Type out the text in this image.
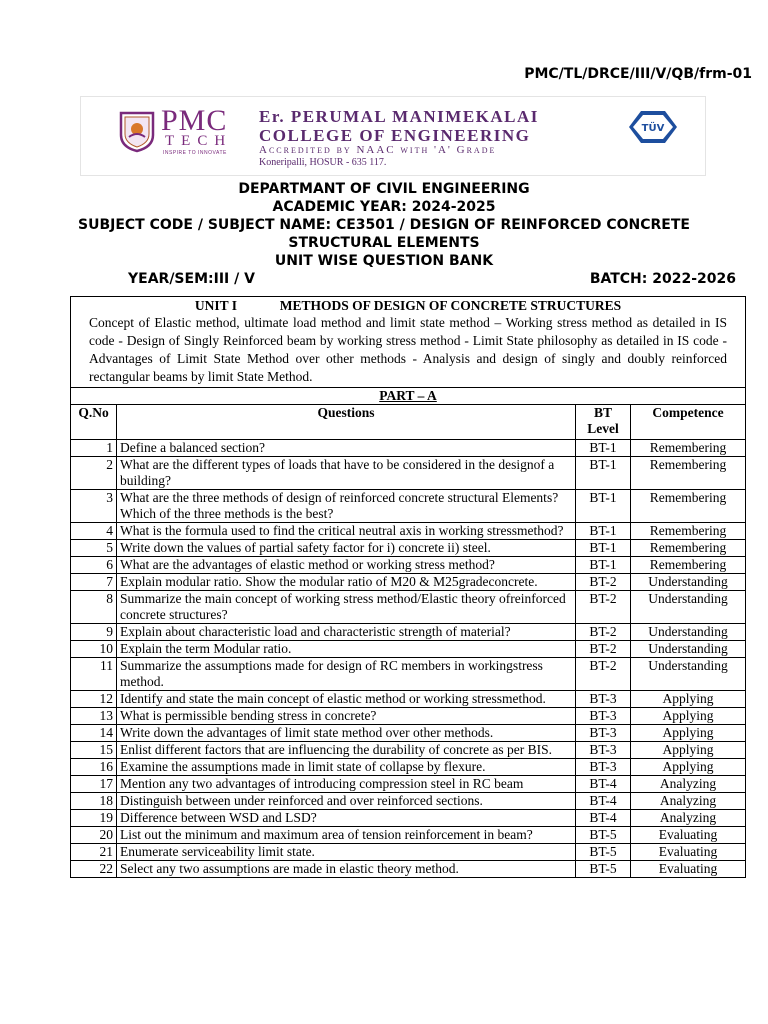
PMC/TL/DRCE/III/V/QB/frm-01
PMC
TECH
INSPIRE TO INNOVATE
Er. PERUMAL MANIMEKALAI
COLLEGE OF ENGINEERING
Accredited by NAAC with 'A' Grade
Koneripalli, HOSUR - 635 117.
TÜV
DEPARTMANT OF CIVIL ENGINEERING
ACADEMIC YEAR: 2024-2025
SUBJECT CODE / SUBJECT NAME: CE3501 / DESIGN OF REINFORCED CONCRETE
STRUCTURAL ELEMENTS
UNIT WISE QUESTION BANK
YEAR/SEM:III / V	BATCH: 2022-2026
UNIT I METHODS OF DESIGN OF CONCRETE STRUCTURES
Concept of Elastic method, ultimate load method and limit state method – Working stress method as detailed in IS code - Design of Singly Reinforced beam by working stress method - Limit State philosophy as detailed in IS code - Advantages of Limit State Method over other methods - Analysis and design of singly and doubly reinforced rectangular beams by limit State Method.			

PART – A			
Q.No	Questions	BT Level	Competence
1	Define a balanced section?	BT-1	Remembering
2	What are the different types of loads that have to be considered in the designof a building?	BT-1	Remembering
3	What are the three methods of design of reinforced concrete structural Elements? Which of the three methods is the best?	BT-1	Remembering
4	What is the formula used to find the critical neutral axis in working stressmethod?	BT-1	Remembering
5	Write down the values of partial safety factor for i) concrete ii) steel.	BT-1	Remembering
6	What are the advantages of elastic method or working stress method?	BT-1	Remembering
7	Explain modular ratio. Show the modular ratio of M20 & M25gradeconcrete.	BT-2	Understanding
8	Summarize the main concept of working stress method/Elastic theory ofreinforced concrete structures?	BT-2	Understanding
9	Explain about characteristic load and characteristic strength of material?	BT-2	Understanding
10	Explain the term Modular ratio.	BT-2	Understanding
11	Summarize the assumptions made for design of RC members in workingstress method.	BT-2	Understanding
12	Identify and state the main concept of elastic method or working stressmethod.	BT-3	Applying
13	What is permissible bending stress in concrete?	BT-3	Applying
14	Write down the advantages of limit state method over other methods.	BT-3	Applying
15	Enlist different factors that are influencing the durability of concrete as per BIS.	BT-3	Applying
16	Examine the assumptions made in limit state of collapse by flexure.	BT-3	Applying
17	Mention any two advantages of introducing compression steel in RC beam	BT-4	Analyzing
18	Distinguish between under reinforced and over reinforced sections.	BT-4	Analyzing
19	Difference between WSD and LSD?	BT-4	Analyzing
20	List out the minimum and maximum area of tension reinforcement in beam?	BT-5	Evaluating
21	Enumerate serviceability limit state.	BT-5	Evaluating
22	Select any two assumptions are made in elastic theory method.	BT-5	Evaluating
